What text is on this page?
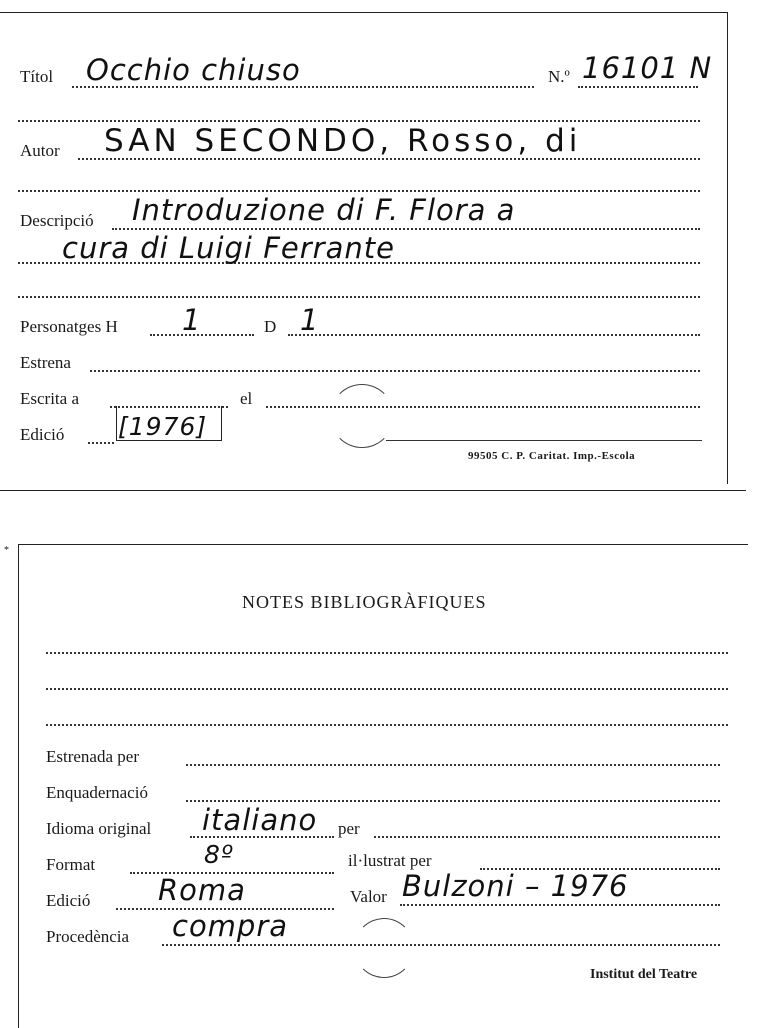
Títol Occhio chiuso	N.º 16101 N
Autor SAN SECONDO, Rosso, di
Descripció Introduzione di F. Flora a
cura di Luigi Ferrante
Personatges H 1	D 1
Estrena
Escrita a	el
Edició [1976]
99505 C. P. Caritat. Imp.-Escola
*
NOTES BIBLIOGRÀFIQUES
Estrenada per
Enquadernació
Idioma original italiano per
Format	8º	il·lustrat per
Edició Roma	Valor Bulzoni – 1976
Procedència compra
Institut del Teatre
